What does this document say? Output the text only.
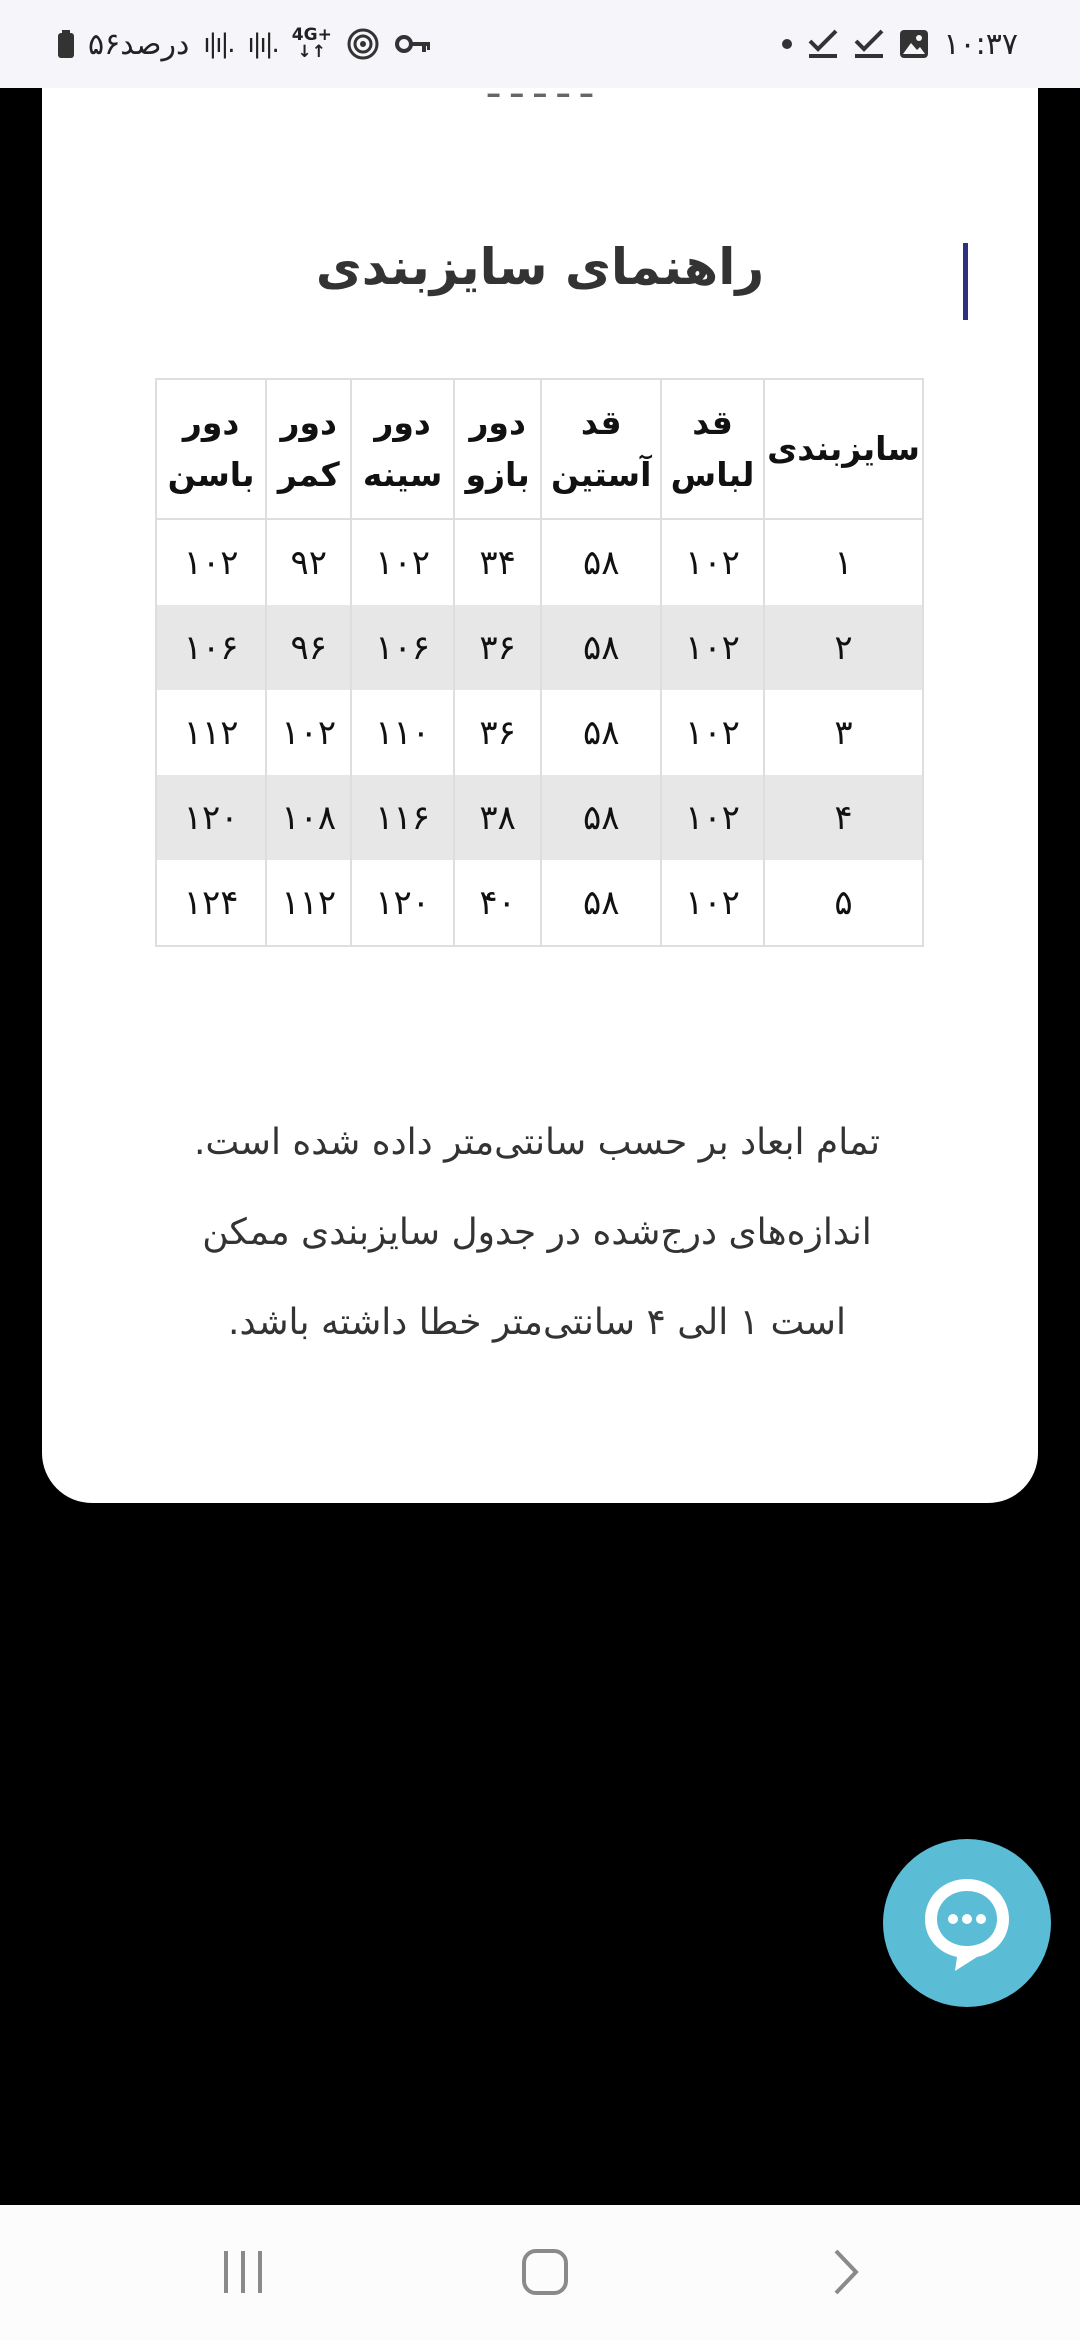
۵۶درصد ı|ı|. ı|ı|. 4G+
↓↑	۱۰:۳۷
ـ ـ ـ ـ ـ
راهنمای سایزبندی
سایزبندی	قد لباس	قد آستین	دور بازو	دور سینه	دور کمر	دور باسن
۱	۱۰۲	۵۸	۳۴	۱۰۲	۹۲	۱۰۲
۲	۱۰۲	۵۸	۳۶	۱۰۶	۹۶	۱۰۶
۳	۱۰۲	۵۸	۳۶	۱۱۰	۱۰۲	۱۱۲
۴	۱۰۲	۵۸	۳۸	۱۱۶	۱۰۸	۱۲۰
۵	۱۰۲	۵۸	۴۰	۱۲۰	۱۱۲	۱۲۴
تمام ابعاد بر حسب سانتی‌متر داده شده است.
اندازه‌های درج‌شده در جدول سایزبندی ممکن است ۱ الی ۴ سانتی‌متر خطا داشته باشد.
